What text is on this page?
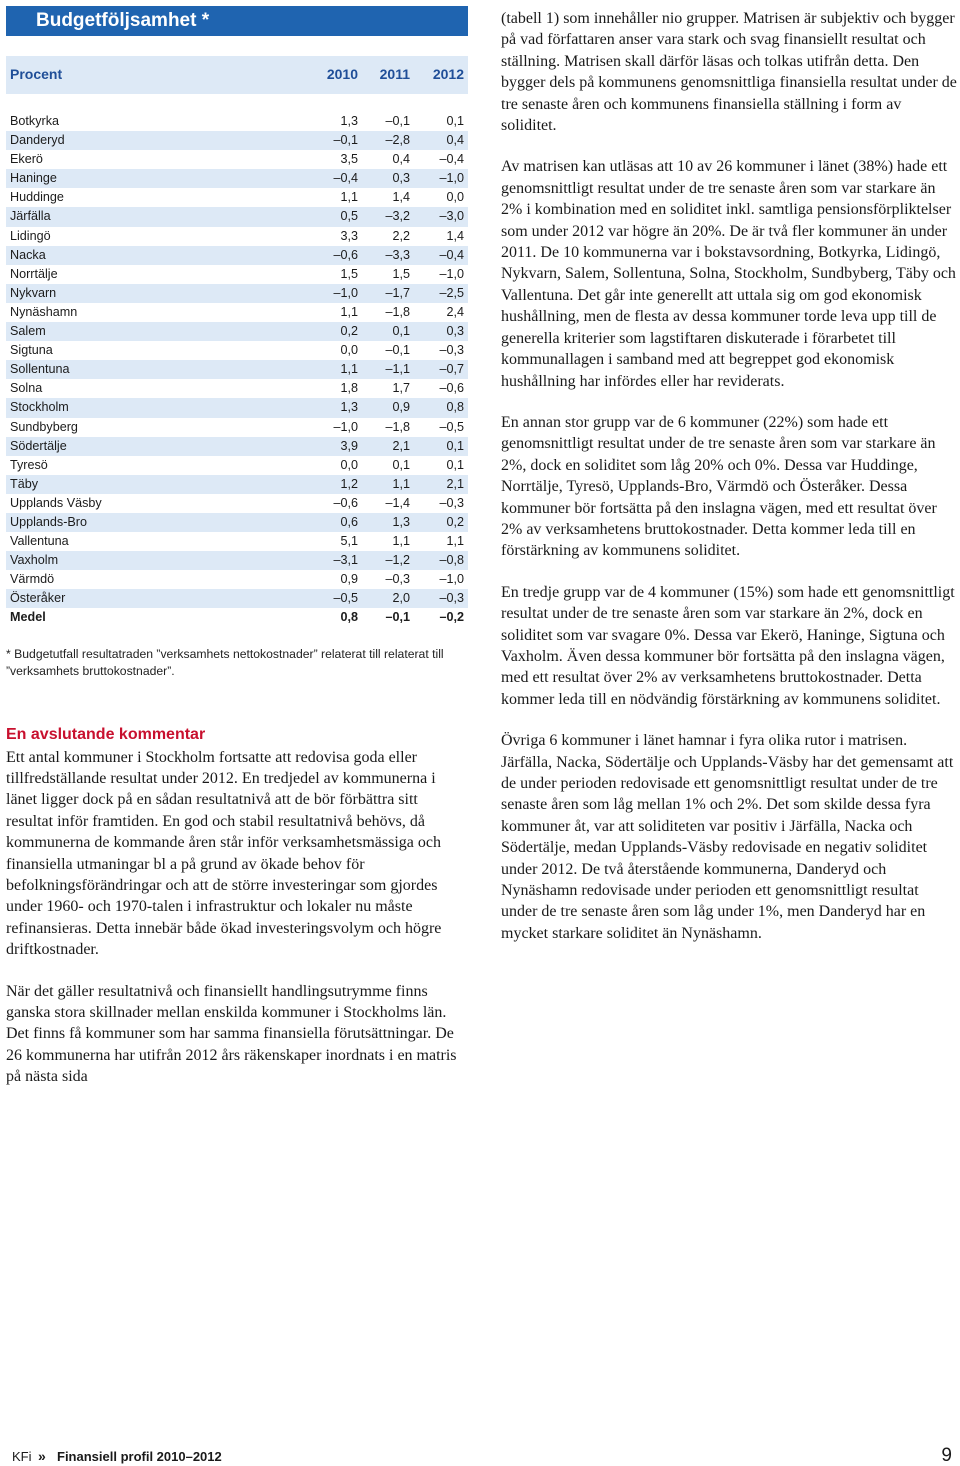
Budgetföljsamhet *
Procent	2010	2011	2012
Botkyrka	1,3	–0,1	0,1
Danderyd	–0,1	–2,8	0,4
Ekerö	3,5	0,4	–0,4
Haninge	–0,4	0,3	–1,0
Huddinge	1,1	1,4	0,0
Järfälla	0,5	–3,2	–3,0
Lidingö	3,3	2,2	1,4
Nacka	–0,6	–3,3	–0,4
Norrtälje	1,5	1,5	–1,0
Nykvarn	–1,0	–1,7	–2,5
Nynäshamn	1,1	–1,8	2,4
Salem	0,2	0,1	0,3
Sigtuna	0,0	–0,1	–0,3
Sollentuna	1,1	–1,1	–0,7
Solna	1,8	1,7	–0,6
Stockholm	1,3	0,9	0,8
Sundbyberg	–1,0	–1,8	–0,5
Södertälje	3,9	2,1	0,1
Tyresö	0,0	0,1	0,1
Täby	1,2	1,1	2,1
Upplands Väsby	–0,6	–1,4	–0,3
Upplands-Bro	0,6	1,3	0,2
Vallentuna	5,1	1,1	1,1
Vaxholm	–3,1	–1,2	–0,8
Värmdö	0,9	–0,3	–1,0
Österåker	–0,5	2,0	–0,3
Medel	0,8	–0,1	–0,2
* Budgetutfall resultatraden ”verksamhets nettokostnader” relaterat till relaterat till ”verksamhets bruttokostnader”.
En avslutande kommentar

Ett antal kommuner i Stockholm fortsatte att redovisa goda eller tillfredställande resultat under 2012. En tredjedel av kommunerna i länet ligger dock på en sådan resultatnivå att de bör förbättra sitt resultat inför framtiden. En god och stabil resultatnivå behövs, då kommunerna de kommande åren står inför verksamhetsmässiga och finansiella utmaningar bl a på grund av ökade behov för befolkningsförändringar och att de större investeringar som gjordes under 1960- och 1970-talen i infrastruktur och lokaler nu måste refinansieras. Detta innebär både ökad investeringsvolym och högre driftkostnader.

När det gäller resultatnivå och finansiellt handlingsutrymme finns ganska stora skillnader mellan enskilda kommuner i Stockholms län. Det finns få kommuner som har samma finansiella förutsättningar. De 26 kommunerna har utifrån 2012 års räkenskaper inordnats i en matris på nästa sida

(tabell 1) som innehåller nio grupper. Matrisen är subjektiv och bygger på vad författaren anser vara stark och svag finansiellt resultat och ställning. Matrisen skall därför läsas och tolkas utifrån detta. Den bygger dels på kommunens genomsnittliga finansiella resultat under de tre senaste åren och kommunens finansiella ställning i form av soliditet.

Av matrisen kan utläsas att 10 av 26 kommuner i länet (38%) hade ett genomsnittligt resultat under de tre senaste åren som var starkare än 2% i kombination med en soliditet inkl. samtliga pensionsförpliktelser som under 2012 var högre än 20%. De är två fler kommuner än under 2011. De 10 kommunerna var i bokstavsordning, Botkyrka, Lidingö, Nykvarn, Salem, Sollentuna, Solna, Stockholm, Sundbyberg, Täby och Vallentuna. Det går inte generellt att uttala sig om god ekonomisk hushållning, men de flesta av dessa kommuner torde leva upp till de generella kriterier som lagstiftaren diskuterade i förarbetet till kommunallagen i samband med att begreppet god ekonomisk hushållning har infördes eller har reviderats.

En annan stor grupp var de 6 kommuner (22%) som hade ett genomsnittligt resultat under de tre senaste åren som var starkare än 2%, dock en soliditet som låg 20% och 0%. Dessa var Huddinge, Norrtälje, Tyresö, Upplands-Bro, Värmdö och Österåker. Dessa kommuner bör fortsätta på den inslagna vägen, med ett resultat över 2% av verksamhetens bruttokostnader. Detta kommer leda till en förstärkning av kommunens soliditet.

En tredje grupp var de 4 kommuner (15%) som hade ett genomsnittligt resultat under de tre senaste åren som var starkare än 2%, dock en soliditet som var svagare 0%. Dessa var Ekerö, Haninge, Sigtuna och Vaxholm. Även dessa kommuner bör fortsätta på den inslagna vägen, med ett resultat över 2% av verksamhetens bruttokostnader. Detta kommer leda till en nödvändig förstärkning av kommunens soliditet.

Övriga 6 kommuner i länet hamnar i fyra olika rutor i matrisen. Järfälla, Nacka, Södertälje och Upplands-Väsby har det gemensamt att de under perioden redovisade ett genomsnittligt resultat under de tre senaste åren som låg mellan 1% och 2%. Det som skilde dessa fyra kommuner åt, var att soliditeten var positiv i Järfälla, Nacka och Södertälje, medan Upplands-Väsby redovisade en negativ soliditet under 2012. De två återstående kommunerna, Danderyd och Nynäshamn redovisade under perioden ett genomsnittligt resultat under de tre senaste åren som låg under 1%, men Danderyd har en mycket starkare soliditet än Nynäshamn.

KFi » Finansiell profil 2010–2012	9
